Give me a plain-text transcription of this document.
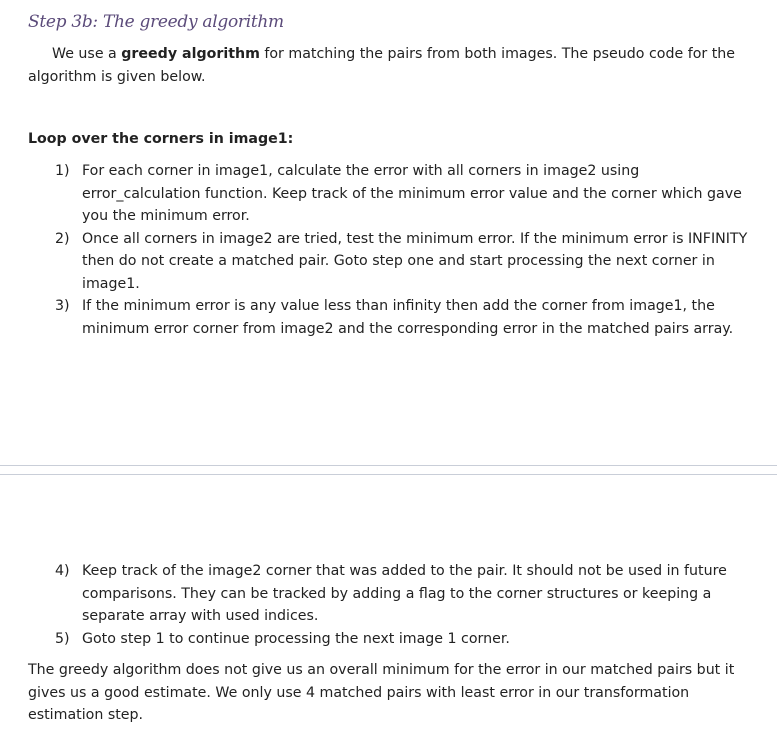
Step 3b: The greedy algorithm

We use a greedy algorithm for matching the pairs from both images. The pseudo code for the algorithm is given below.

Loop over the corners in image1:

1) For each corner in image1, calculate the error with all corners in image2 using error_calculation function. Keep track of the minimum error value and the corner which gave you the minimum error.
2) Once all corners in image2 are tried, test the minimum error. If the minimum error is INFINITY then do not create a matched pair. Goto step one and start processing the next corner in image1.
3) If the minimum error is any value less than infinity then add the corner from image1, the minimum error corner from image2 and the corresponding error in the matched pairs array.
4) Keep track of the image2 corner that was added to the pair. It should not be used in future comparisons. They can be tracked by adding a flag to the corner structures or keeping a separate array with used indices.
5) Goto step 1 to continue processing the next image 1 corner.

The greedy algorithm does not give us an overall minimum for the error in our matched pairs but it gives us a good estimate. We only use 4 matched pairs with least error in our transformation estimation step.
